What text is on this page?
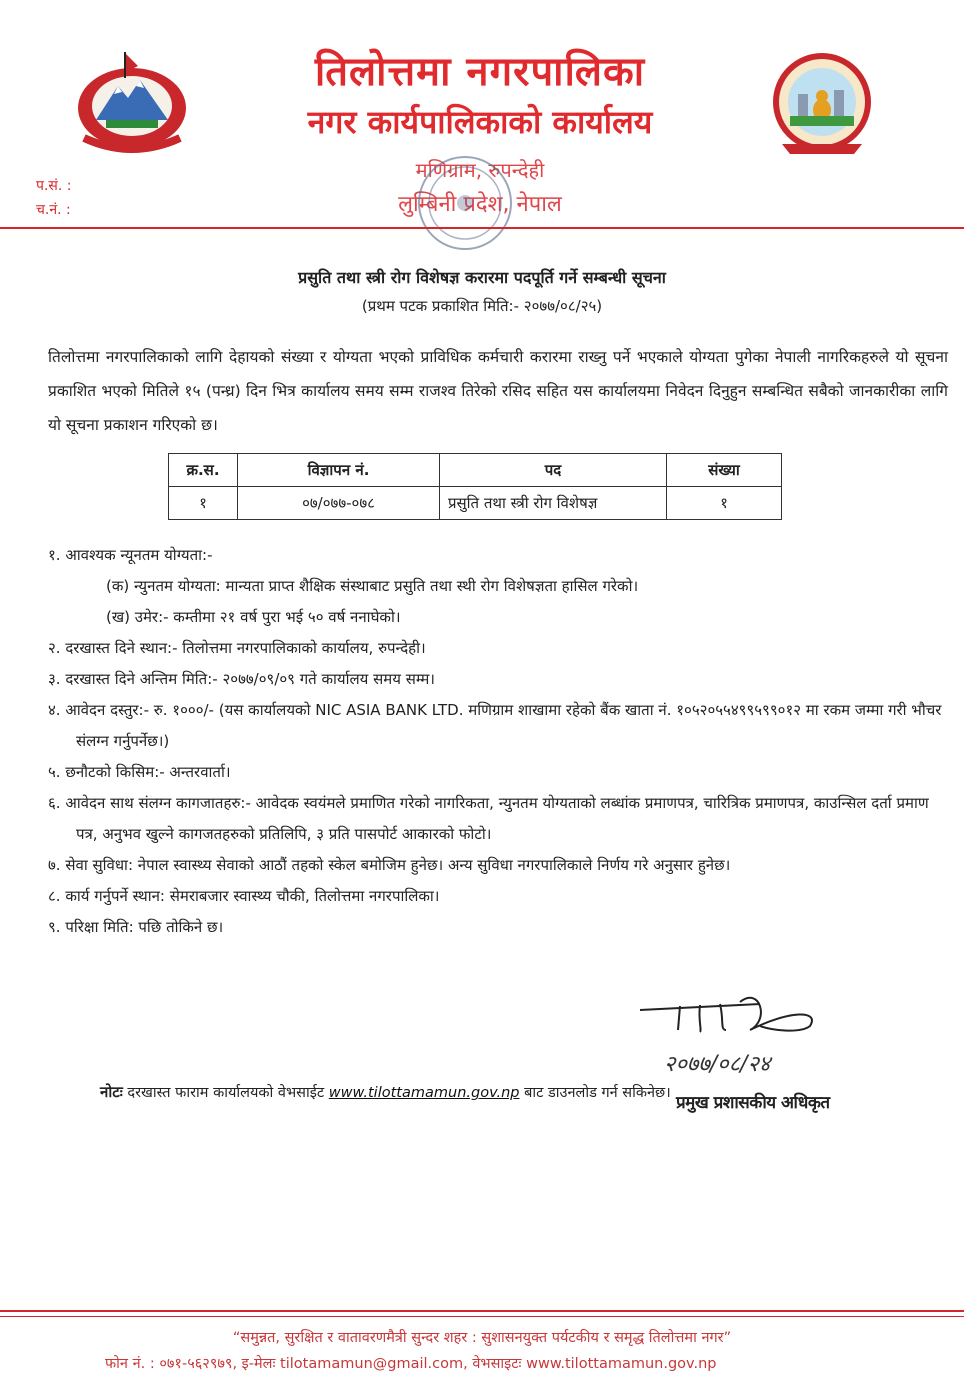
तिलोत्तमा नगरपालिका
नगर कार्यपालिकाको कार्यालय
मणिग्राम, रुपन्देही
लुम्बिनी प्रदेश, नेपाल
प.सं. :
च.नं. :
प्रसुति तथा स्त्री रोग विशेषज्ञ करारमा पदपूर्ति गर्ने सम्बन्धी सूचना
(प्रथम पटक प्रकाशित मिति:- २०७७/०८/२५)
तिलोत्तमा नगरपालिकाको लागि देहायको संख्या र योग्यता भएको प्राविधिक कर्मचारी करारमा राख्नु पर्ने भएकाले योग्यता पुगेका नेपाली नागरिकहरुले यो सूचना प्रकाशित भएको मितिले १५ (पन्ध्र) दिन भित्र कार्यालय समय सम्म राजश्व तिरेको रसिद सहित यस कार्यालयमा निवेदन दिनुहुन सम्बन्धित सबैको जानकारीका लागि यो सूचना प्रकाशन गरिएको छ।
क्र.स.	विज्ञापन नं.	पद	संख्या
१	०७/०७७-०७८	प्रसुति तथा स्त्री रोग विशेषज्ञ	१
१. आवश्यक न्यूनतम योग्यता:-
(क) न्युनतम योग्यता: मान्यता प्राप्त शैक्षिक संस्थाबाट प्रसुति तथा स्थी रोग विशेषज्ञता हासिल गरेको।
(ख) उमेर:- कम्तीमा २१ वर्ष पुरा भई ५० वर्ष ननाघेको।
२. दरखास्त दिने स्थान:- तिलोत्तमा नगरपालिकाको कार्यालय, रुपन्देही।
३. दरखास्त दिने अन्तिम मिति:- २०७७/०९/०९ गते कार्यालय समय सम्म।
४. आवेदन दस्तुर:- रु. १०००/- (यस कार्यालयको NIC ASIA BANK LTD. मणिग्राम शाखामा रहेको बैंक खाता नं. १०५२०५५४९९५९९०१२ मा रकम जम्मा गरी भौचर संलग्न गर्नुपर्नेछ।)
५. छनौटको किसिम:- अन्तरवार्ता।
६. आवेदन साथ संलग्न कागजातहरु:- आवेदक स्वयंमले प्रमाणित गरेको नागरिकता, न्युनतम योग्यताको लब्धांक प्रमाणपत्र, चारित्रिक प्रमाणपत्र, काउन्सिल दर्ता प्रमाण पत्र, अनुभव खुल्ने कागजतहरुको प्रतिलिपि, ३ प्रति पासपोर्ट आकारको फोटो।
७. सेवा सुविधा: नेपाल स्वास्थ्य सेवाको आठौं तहको स्केल बमोजिम हुनेछ। अन्य सुविधा नगरपालिकाले निर्णय गरे अनुसार हुनेछ।
८. कार्य गर्नुपर्ने स्थान: सेमराबजार स्वास्थ्य चौकी, तिलोत्तमा नगरपालिका।
९. परिक्षा मिति: पछि तोकिने छ।
२०७७/०८/२४
नोटः दरखास्त फाराम कार्यालयको वेभसाईट www.tilottamamun.gov.np बाट डाउनलोड गर्न सकिनेछ। प्रमुख प्रशासकीय अधिकृत
“समुन्नत, सुरक्षित र वातावरणमैत्री सुन्दर शहर : सुशासनयुक्त पर्यटकीय र समृद्ध तिलोत्तमा नगर”
फोन नं. : ०७१-५६२९७९, इ-मेलः tilotamamun@gmail.com, वेभसाइटः www.tilottamamun.gov.np
